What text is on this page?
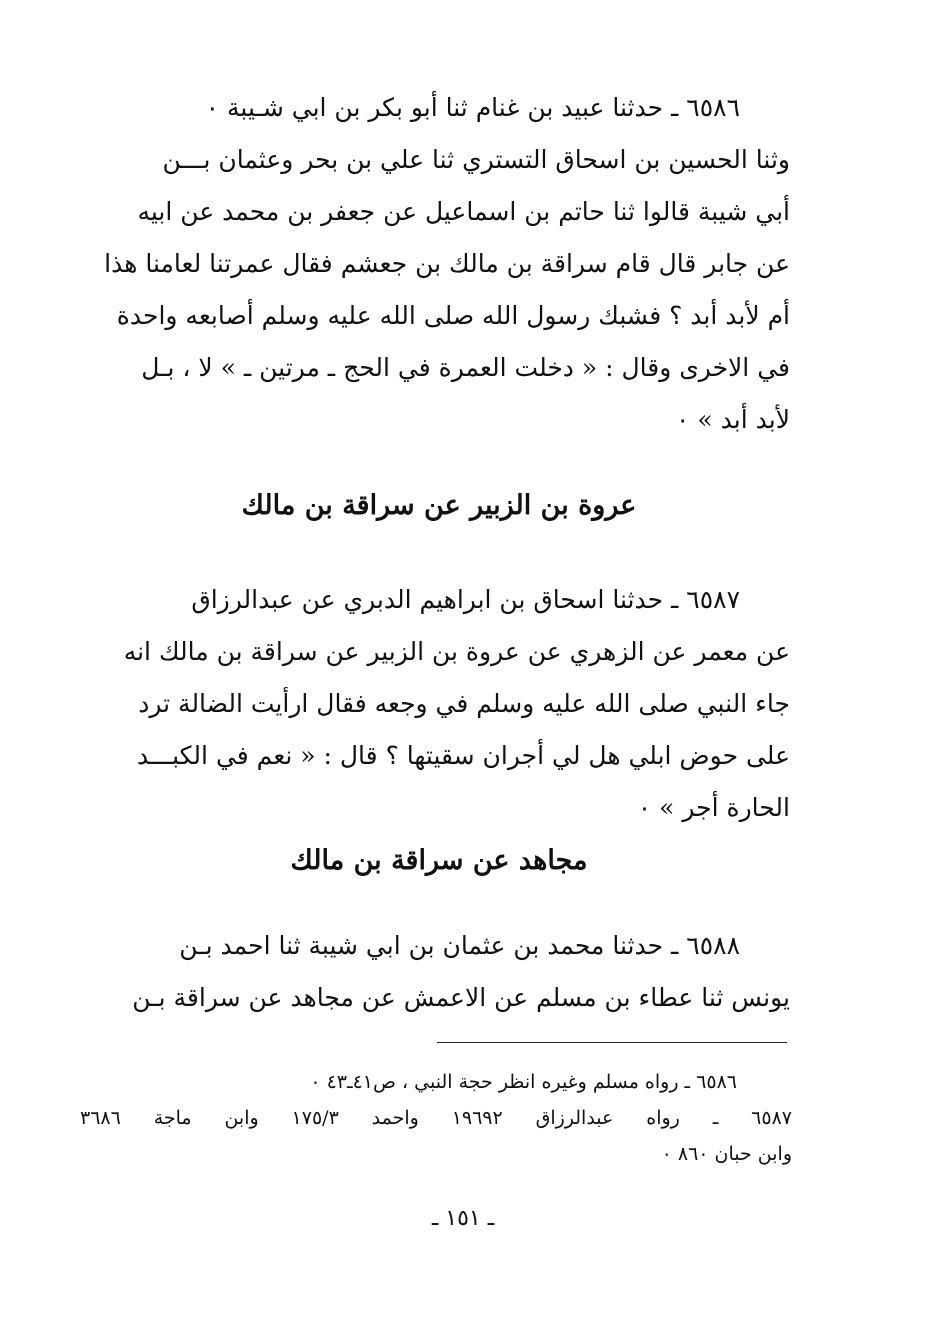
٦٥٨٦ ـ حدثنا عبيد بن غنام ثنا أبو بكر بن ابي شـيبة ٠
وثنا الحسين بن اسحاق التستري ثنا علي بن بحر وعثمان بـــن
أبي شيبة قالوا ثنا حاتم بن اسماعيل عن جعفر بن محمد عن ابيه
عن جابر قال قام سراقة بن مالك بن جعشم فقال عمرتنا لعامنا هذا
أم لأبد أبد ؟ فشبك رسول الله صلى الله عليه وسلم أصابعه واحدة
في الاخرى وقال : « دخلت العمرة في الحج ـ مرتين ـ » لا ، بـل
لأبد أبد » ٠
عروة بن الزبير عن سراقة بن مالك
٦٥٨٧ ـ حدثنا اسحاق بن ابراهيم الدبري عن عبدالرزاق
عن معمر عن الزهري عن عروة بن الزبير عن سراقة بن مالك انه
جاء النبي صلى الله عليه وسلم في وجعه فقال ارأيت الضالة ترد
على حوض ابلي هل لي أجران سقيتها ؟ قال : « نعم في الكبـــد
الحارة أجر » ٠
مجاهد عن سراقة بن مالك
٦٥٨٨ ـ حدثنا محمد بن عثمان بن ابي شيبة ثنا احمد بـن
يونس ثنا عطاء بن مسلم عن الاعمش عن مجاهد عن سراقة بـن
٦٥٨٦ ـ رواه مسلم وغيره انظر حجة النبي ، ص٤١ـ٤٣ ٠
٦٥٨٧ ـ رواه عبدالرزاق ١٩٦٩٢ واحمد ١٧٥/٣ وابن ماجة ٣٦٨٦
وابن حبان ٨٦٠ ٠
ـ ١٥١ ـ
